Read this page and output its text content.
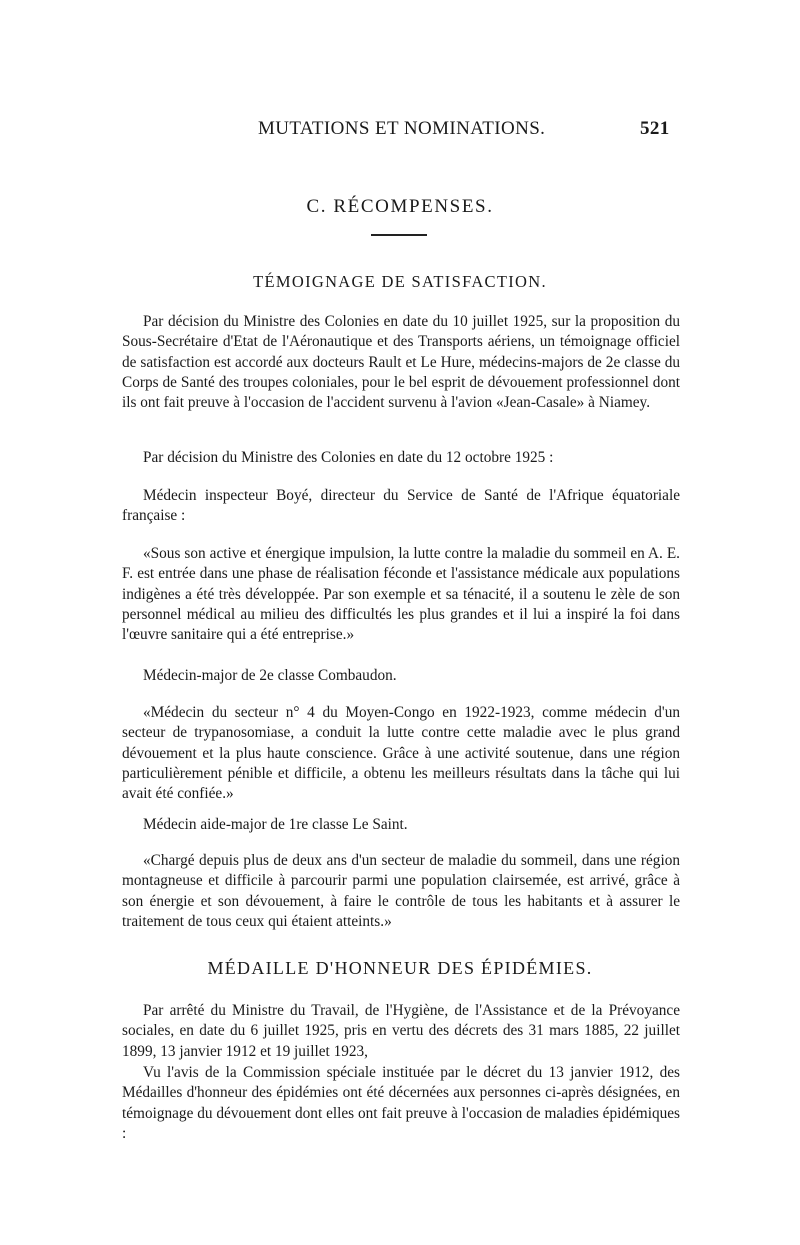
MUTATIONS ET NOMINATIONS.	521
C. RÉCOMPENSES.
TÉMOIGNAGE DE SATISFACTION.

Par décision du Ministre des Colonies en date du 10 juillet 1925, sur la proposition du Sous-Secrétaire d'Etat de l'Aéronautique et des Transports aériens, un témoignage officiel de satisfaction est accordé aux docteurs Rault et Le Hure, médecins-majors de 2e classe du Corps de Santé des troupes coloniales, pour le bel esprit de dévouement professionnel dont ils ont fait preuve à l'occasion de l'accident survenu à l'avion «Jean-Casale» à Niamey.

Par décision du Ministre des Colonies en date du 12 octobre 1925 :

Médecin inspecteur Boyé, directeur du Service de Santé de l'Afrique équatoriale française :

«Sous son active et énergique impulsion, la lutte contre la maladie du sommeil en A. E. F. est entrée dans une phase de réalisation féconde et l'assistance médicale aux populations indigènes a été très développée. Par son exemple et sa ténacité, il a soutenu le zèle de son personnel médical au milieu des difficultés les plus grandes et il lui a inspiré la foi dans l'œuvre sanitaire qui a été entreprise.»

Médecin-major de 2e classe Combaudon.

«Médecin du secteur n° 4 du Moyen-Congo en 1922-1923, comme médecin d'un secteur de trypanosomiase, a conduit la lutte contre cette maladie avec le plus grand dévouement et la plus haute conscience. Grâce à une activité soutenue, dans une région particulièrement pénible et difficile, a obtenu les meilleurs résultats dans la tâche qui lui avait été confiée.»

Médecin aide-major de 1re classe Le Saint.

«Chargé depuis plus de deux ans d'un secteur de maladie du sommeil, dans une région montagneuse et difficile à parcourir parmi une population clairsemée, est arrivé, grâce à son énergie et son dévouement, à faire le contrôle de tous les habitants et à assurer le traitement de tous ceux qui étaient atteints.»

MÉDAILLE D'HONNEUR DES ÉPIDÉMIES.

Par arrêté du Ministre du Travail, de l'Hygiène, de l'Assistance et de la Prévoyance sociales, en date du 6 juillet 1925, pris en vertu des décrets des 31 mars 1885, 22 juillet 1899, 13 janvier 1912 et 19 juillet 1923,

Vu l'avis de la Commission spéciale instituée par le décret du 13 janvier 1912, des Médailles d'honneur des épidémies ont été décernées aux personnes ci-après désignées, en témoignage du dévouement dont elles ont fait preuve à l'occasion de maladies épidémiques :
